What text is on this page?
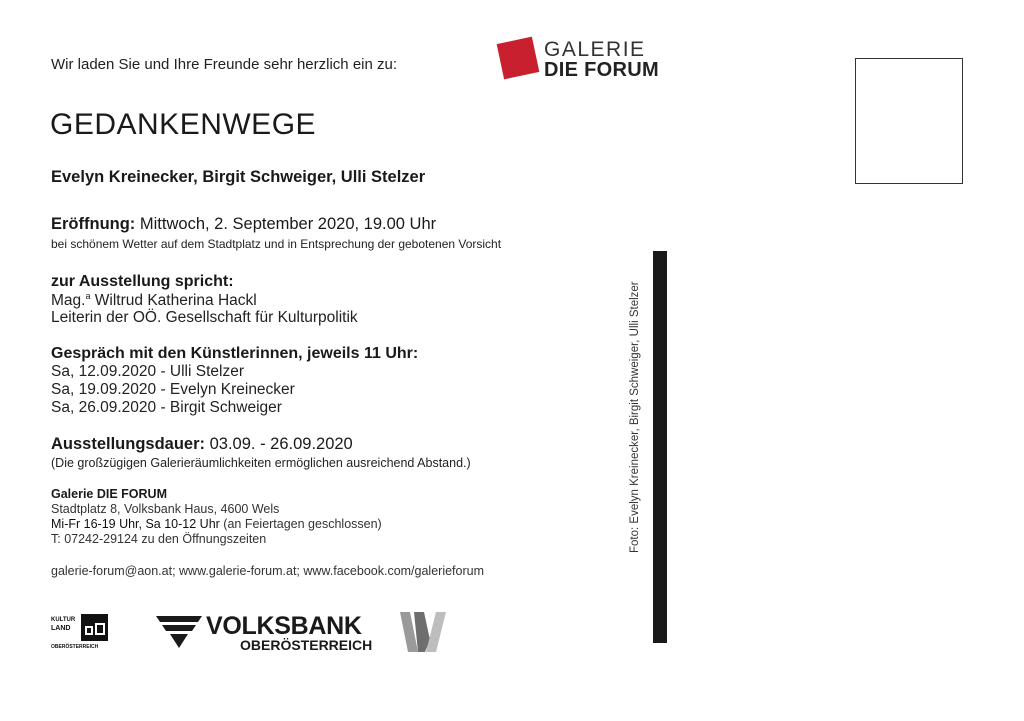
Wir laden Sie und Ihre Freunde sehr herzlich ein zu:
GALERIE
DIE FORUM
GEDANKENWEGE
Evelyn Kreinecker, Birgit Schweiger, Ulli Stelzer
Eröffnung: Mittwoch, 2. September 2020, 19.00 Uhr
bei schönem Wetter auf dem Stadtplatz und in Entsprechung der gebotenen Vorsicht
zur Ausstellung spricht:
Mag.$^a$ Wiltrud Katherina Hackl
Leiterin der OÖ. Gesellschaft für Kulturpolitik
Gespräch mit den Künstlerinnen, jeweils 11 Uhr:
Sa, 12.09.2020 - Ulli Stelzer
Sa, 19.09.2020 - Evelyn Kreinecker
Sa, 26.09.2020 - Birgit Schweiger
Ausstellungsdauer: 03.09. - 26.09.2020
(Die großzügigen Galerieräumlichkeiten ermöglichen ausreichend Abstand.)
Galerie DIE FORUM
Stadtplatz 8, Volksbank Haus, 4600 Wels
Mi-Fr 16-19 Uhr, Sa 10-12 Uhr (an Feiertagen geschlossen)
T: 07242-29124 zu den Öffnungszeiten
galerie-forum@aon.at; www.galerie-forum.at; www.facebook.com/galerieforum
Foto: Evelyn Kreinecker, Birgit Schweiger, Ulli Stelzer
KULTUR
LAND
OBERÖSTERREICH
VOLKSBANK
OBERÖSTERREICH
